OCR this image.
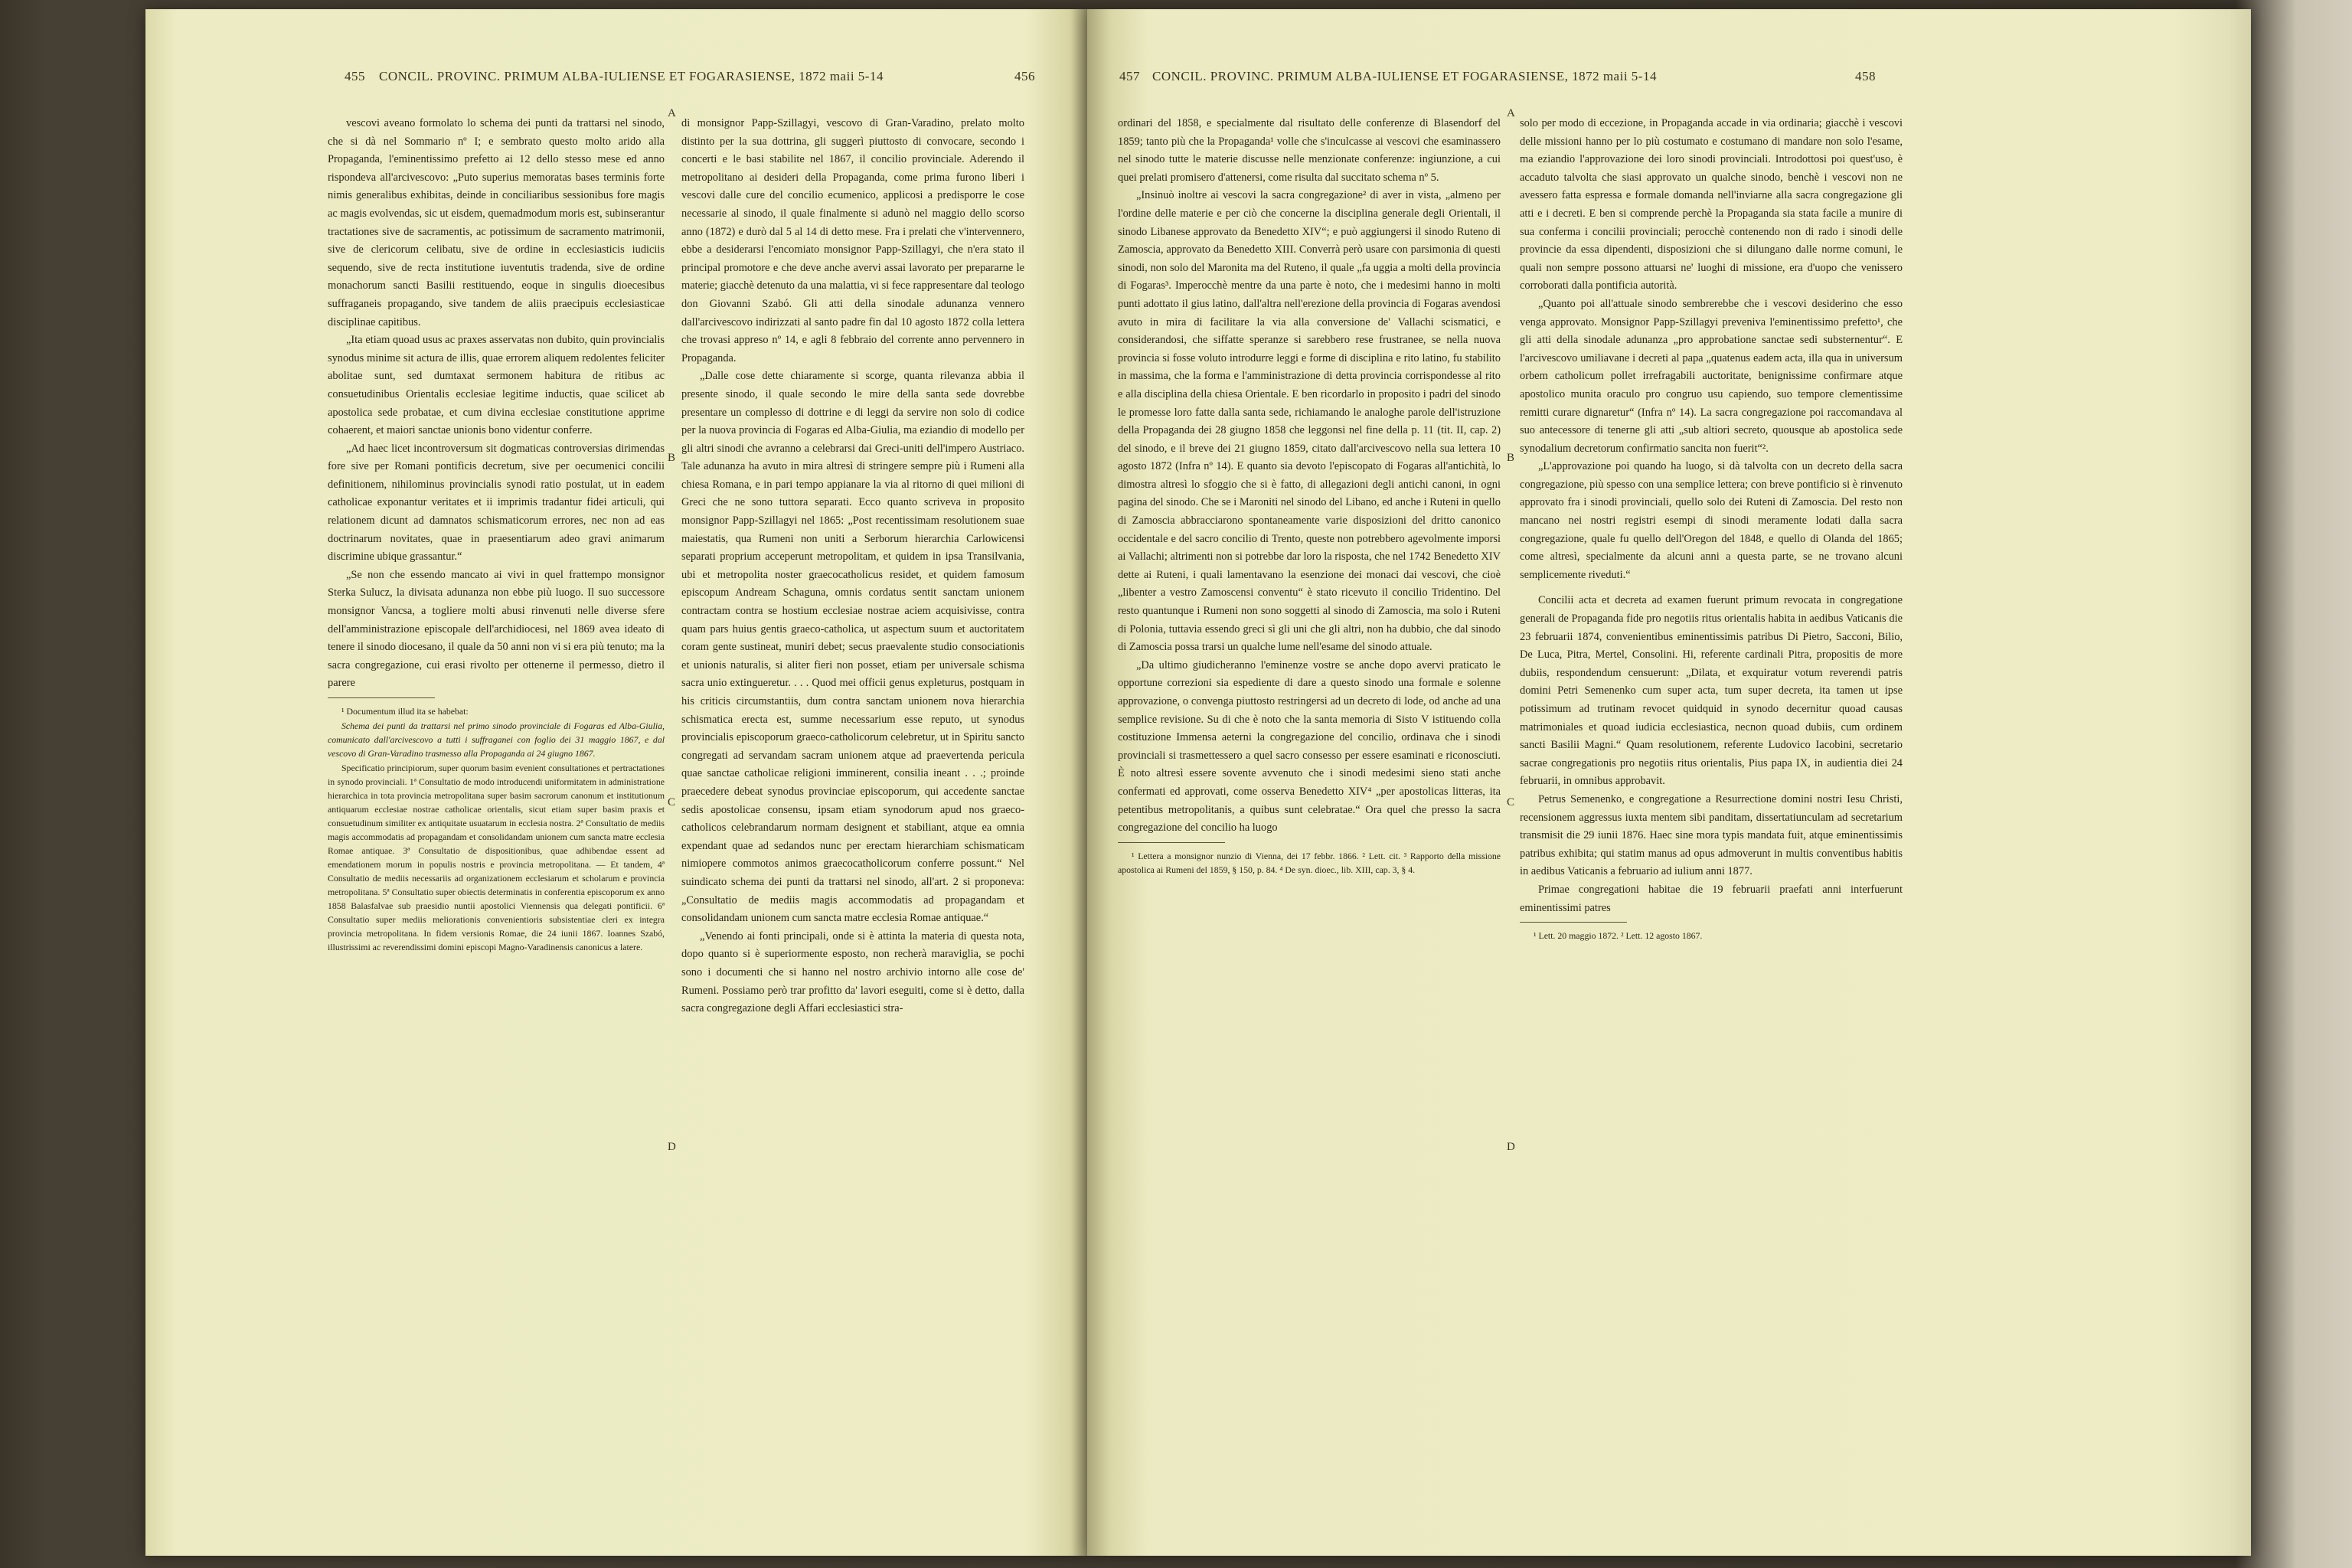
455 CONCIL. PROVINC. PRIMUM ALBA-IULIENSE ET FOGARASIENSE, 1872 maii 5-14	456

vescovi aveano formolato lo schema dei punti da trattarsi nel sinodo, che si dà nel Sommario nº I; e sembrato questo molto arido alla Propaganda, l'eminentissimo prefetto ai 12 dello stesso mese ed anno rispondeva all'arcivescovo: „Puto superius memoratas bases terminis forte nimis generalibus exhibitas, deinde in conciliaribus sessionibus fore magis ac magis evolvendas, sic ut eisdem, quemadmodum moris est, subinserantur tractationes sive de sacramentis, ac potissimum de sacramento matrimonii, sive de clericorum celibatu, sive de ordine in ecclesiasticis iudiciis sequendo, sive de recta institutione iuventutis tradenda, sive de ordine monachorum sancti Basilii restituendo, eoque in singulis dioecesibus suffraganeis propagando, sive tandem de aliis praecipuis ecclesiasticae disciplinae capitibus.

„Ita etiam quoad usus ac praxes asservatas non dubito, quin provincialis synodus minime sit actura de illis, quae errorem aliquem redolentes feliciter abolitae sunt, sed dumtaxat sermonem habitura de ritibus ac consuetudinibus Orientalis ecclesiae legitime inductis, quae scilicet ab apostolica sede probatae, et cum divina ecclesiae constitutione apprime cohaerent, et maiori sanctae unionis bono videntur conferre.

„Ad haec licet incontroversum sit dogmaticas controversias dirimendas fore sive per Romani pontificis decretum, sive per oecumenici concilii definitionem, nihilominus provincialis synodi ratio postulat, ut in eadem catholicae exponantur veritates et ii imprimis tradantur fidei articuli, qui relationem dicunt ad damnatos schismaticorum errores, nec non ad eas doctrinarum novitates, quae in praesentiarum adeo gravi animarum discrimine ubique grassantur.“

„Se non che essendo mancato ai vivi in quel frattempo monsignor Sterka Sulucz, la divisata adunanza non ebbe più luogo. Il suo successore monsignor Vancsa, a togliere molti abusi rinvenuti nelle diverse sfere dell'amministrazione episcopale dell'archidiocesi, nel 1869 avea ideato di tenere il sinodo diocesano, il quale da 50 anni non vi si era più tenuto; ma la sacra congregazione, cui erasi rivolto per ottenerne il permesso, dietro il parere

¹ Documentum illud ita se habebat:

Schema dei punti da trattarsi nel primo sinodo provinciale di Fogaras ed Alba-Giulia, comunicato dall'arcivescovo a tutti i suffraganei con foglio dei 31 maggio 1867, e dal vescovo di Gran-Varadino trasmesso alla Propaganda ai 24 giugno 1867.

Specificatio principiorum, super quorum basim evenient consultationes et pertractationes in synodo provinciali. 1ª Consultatio de modo introducendi uniformitatem in administratione hierarchica in tota provincia metropolitana super basim sacrorum canonum et institutionum antiquarum ecclesiae nostrae catholicae orientalis, sicut etiam super basim praxis et consuetudinum similiter ex antiquitate usuatarum in ecclesia nostra. 2ª Consultatio de mediis magis accommodatis ad propagandam et consolidandam unionem cum sancta matre ecclesia Romae antiquae. 3ª Consultatio de dispositionibus, quae adhibendae essent ad emendationem morum in populis nostris e provincia metropolitana. — Et tandem, 4ª Consultatio de mediis necessariis ad organizationem ecclesiarum et scholarum e provincia metropolitana. 5ª Consultatio super obiectis determinatis in conferentia episcoporum ex anno 1858 Balasfalvae sub praesidio nuntii apostolici Viennensis qua delegati pontificii. 6ª Consultatio super mediis meliorationis convenientioris subsistentiae cleri ex integra provincia metropolitana. In fidem versionis Romae, die 24 iunii 1867. Ioannes Szabó, illustrissimi ac reverendissimi domini episcopi Magno-Varadinensis canonicus a latere.

di monsignor Papp-Szillagyi, vescovo di Gran-Varadino, prelato molto distinto per la sua dottrina, gli suggerì piuttosto di convocare, secondo i concerti e le basi stabilite nel 1867, il concilio provinciale. Aderendo il metropolitano ai desideri della Propaganda, come prima furono liberi i vescovi dalle cure del concilio ecumenico, applicosi a predisporre le cose necessarie al sinodo, il quale finalmente si adunò nel maggio dello scorso anno (1872) e durò dal 5 al 14 di detto mese. Fra i prelati che v'intervennero, ebbe a desiderarsi l'encomiato monsignor Papp-Szillagyi, che n'era stato il principal promotore e che deve anche avervi assai lavorato per prepararne le materie; giacchè detenuto da una malattia, vi si fece rappresentare dal teologo don Giovanni Szabó. Gli atti della sinodale adunanza vennero dall'arcivescovo indirizzati al santo padre fin dal 10 agosto 1872 colla lettera che trovasi appreso nº 14, e agli 8 febbraio del corrente anno pervennero in Propaganda.

„Dalle cose dette chiaramente si scorge, quanta rilevanza abbia il presente sinodo, il quale secondo le mire della santa sede dovrebbe presentare un complesso di dottrine e di leggi da servire non solo di codice per la nuova provincia di Fogaras ed Alba-Giulia, ma eziandio di modello per gli altri sinodi che avranno a celebrarsi dai Greci-uniti dell'impero Austriaco. Tale adunanza ha avuto in mira altresì di stringere sempre più i Rumeni alla chiesa Romana, e in pari tempo appianare la via al ritorno di quei milioni di Greci che ne sono tuttora separati. Ecco quanto scriveva in proposito monsignor Papp-Szillagyi nel 1865: „Post recentissimam resolutionem suae maiestatis, qua Rumeni non uniti a Serborum hierarchia Carlowicensi separati proprium acceperunt metropolitam, et quidem in ipsa Transilvania, ubi et metropolita noster graecocatholicus residet, et quidem famosum episcopum Andream Schaguna, omnis cordatus sentit sanctam unionem contractam contra se hostium ecclesiae nostrae aciem acquisivisse, contra quam pars huius gentis graeco-catholica, ut aspectum suum et auctoritatem coram gente sustineat, muniri debet; secus praevalente studio consociationis et unionis naturalis, si aliter fieri non posset, etiam per universale schisma sacra unio extingueretur. . . . Quod mei officii genus expleturus, postquam in his criticis circumstantiis, dum contra sanctam unionem nova hierarchia schismatica erecta est, summe necessarium esse reputo, ut synodus provincialis episcoporum graeco-catholicorum celebretur, ut in Spiritu sancto congregati ad servandam sacram unionem atque ad praevertenda pericula quae sanctae catholicae religioni imminerent, consilia ineant . . .; proinde praecedere debeat synodus provinciae episcoporum, qui accedente sanctae sedis apostolicae consensu, ipsam etiam synodorum apud nos graeco-catholicos celebrandarum normam designent et stabiliant, atque ea omnia expendant quae ad sedandos nunc per erectam hierarchiam schismaticam nimiopere commotos animos graecocatholicorum conferre possunt.“ Nel suindicato schema dei punti da trattarsi nel sinodo, all'art. 2 si proponeva: „Consultatio de mediis magis accommodatis ad propagandam et consolidandam unionem cum sancta matre ecclesia Romae antiquae.“

„Venendo ai fonti principali, onde si è attinta la materia di questa nota, dopo quanto si è superiormente esposto, non recherà maraviglia, se pochi sono i documenti che si hanno nel nostro archivio intorno alle cose de' Rumeni. Possiamo però trar profitto da' lavori eseguiti, come si è detto, dalla sacra congregazione degli Affari ecclesiastici stra-

A
B
C
D
457 CONCIL. PROVINC. PRIMUM ALBA-IULIENSE ET FOGARASIENSE, 1872 maii 5-14	458

ordinari del 1858, e specialmente dal risultato delle conferenze di Blasendorf del 1859; tanto più che la Propaganda¹ volle che s'inculcasse ai vescovi che esaminassero nel sinodo tutte le materie discusse nelle menzionate conferenze: ingiunzione, a cui quei prelati promisero d'attenersi, come risulta dal succitato schema nº 5.

„Insinuò inoltre ai vescovi la sacra congregazione² di aver in vista, „almeno per l'ordine delle materie e per ciò che concerne la disciplina generale degli Orientali, il sinodo Libanese approvato da Benedetto XIV“; e può aggiungersi il sinodo Ruteno di Zamoscia, approvato da Benedetto XIII. Converrà però usare con parsimonia di questi sinodi, non solo del Maronita ma del Ruteno, il quale „fa uggia a molti della provincia di Fogaras³. Imperocchè mentre da una parte è noto, che i medesimi hanno in molti punti adottato il gius latino, dall'altra nell'erezione della provincia di Fogaras avendosi avuto in mira di facilitare la via alla conversione de' Vallachi scismatici, e considerandosi, che siffatte speranze si sarebbero rese frustranee, se nella nuova provincia si fosse voluto introdurre leggi e forme di disciplina e rito latino, fu stabilito in massima, che la forma e l'amministrazione di detta provincia corrispondesse al rito e alla disciplina della chiesa Orientale. E ben ricordarlo in proposito i padri del sinodo le promesse loro fatte dalla santa sede, richiamando le analoghe parole dell'istruzione della Propaganda dei 28 giugno 1858 che leggonsi nel fine della p. 11 (tit. II, cap. 2) del sinodo, e il breve dei 21 giugno 1859, citato dall'arcivescovo nella sua lettera 10 agosto 1872 (Infra nº 14). E quanto sia devoto l'episcopato di Fogaras all'antichità, lo dimostra altresì lo sfoggio che si è fatto, di allegazioni degli antichi canoni, in ogni pagina del sinodo. Che se i Maroniti nel sinodo del Libano, ed anche i Ruteni in quello di Zamoscia abbracciarono spontaneamente varie disposizioni del dritto canonico occidentale e del sacro concilio di Trento, queste non potrebbero agevolmente imporsi ai Vallachi; altrimenti non si potrebbe dar loro la risposta, che nel 1742 Benedetto XIV dette ai Ruteni, i quali lamentavano la esenzione dei monaci dai vescovi, che cioè „libenter a vestro Zamoscensi conventu“ è stato ricevuto il concilio Tridentino. Del resto quantunque i Rumeni non sono soggetti al sinodo di Zamoscia, ma solo i Ruteni di Polonia, tuttavia essendo greci sì gli uni che gli altri, non ha dubbio, che dal sinodo di Zamoscia possa trarsi un qualche lume nell'esame del sinodo attuale.

„Da ultimo giudicheranno l'eminenze vostre se anche dopo avervi praticato le opportune correzioni sia espediente di dare a questo sinodo una formale e solenne approvazione, o convenga piuttosto restringersi ad un decreto di lode, od anche ad una semplice revisione. Su di che è noto che la santa memoria di Sisto V istituendo colla costituzione Immensa aeterni la congregazione del concilio, ordinava che i sinodi provinciali si trasmettessero a quel sacro consesso per essere esaminati e riconosciuti. È noto altresì essere sovente avvenuto che i sinodi medesimi sieno stati anche confermati ed approvati, come osserva Benedetto XIV⁴ „per apostolicas litteras, ita petentibus metropolitanis, a quibus sunt celebratae.“ Ora quel che presso la sacra congregazione del concilio ha luogo

¹ Lettera a monsignor nunzio di Vienna, dei 17 febbr. 1866. ² Lett. cit. ³ Rapporto della missione apostolica ai Rumeni del 1859, § 150, p. 84. ⁴ De syn. dioec., lib. XIII, cap. 3, § 4.

solo per modo di eccezione, in Propaganda accade in via ordinaria; giacchè i vescovi delle missioni hanno per lo più costumato e costumano di mandare non solo l'esame, ma eziandio l'approvazione dei loro sinodi provinciali. Introdottosi poi quest'uso, è accaduto talvolta che siasi approvato un qualche sinodo, benchè i vescovi non ne avessero fatta espressa e formale domanda nell'inviarne alla sacra congregazione gli atti e i decreti. E ben si comprende perchè la Propaganda sia stata facile a munire di sua conferma i concilii provinciali; perocchè contenendo non di rado i sinodi delle provincie da essa dipendenti, disposizioni che si dilungano dalle norme comuni, le quali non sempre possono attuarsi ne' luoghi di missione, era d'uopo che venissero corroborati dalla pontificia autorità.

„Quanto poi all'attuale sinodo sembrerebbe che i vescovi desiderino che esso venga approvato. Monsignor Papp-Szillagyi preveniva l'eminentissimo prefetto¹, che gli atti della sinodale adunanza „pro approbatione sanctae sedi substernentur“. E l'arcivescovo umiliavane i decreti al papa „quatenus eadem acta, illa qua in universum orbem catholicum pollet irrefragabili auctoritate, benignissime confirmare atque apostolico munita oraculo pro congruo usu capiendo, suo tempore clementissime remitti curare dignaretur“ (Infra nº 14). La sacra congregazione poi raccomandava al suo antecessore di tenerne gli atti „sub altiori secreto, quousque ab apostolica sede synodalium decretorum confirmatio sancita non fuerit“².

„L'approvazione poi quando ha luogo, si dà talvolta con un decreto della sacra congregazione, più spesso con una semplice lettera; con breve pontificio si è rinvenuto approvato fra i sinodi provinciali, quello solo dei Ruteni di Zamoscia. Del resto non mancano nei nostri registri esempi di sinodi meramente lodati dalla sacra congregazione, quale fu quello dell'Oregon del 1848, e quello di Olanda del 1865; come altresì, specialmente da alcuni anni a questa parte, se ne trovano alcuni semplicemente riveduti.“

Concilii acta et decreta ad examen fuerunt primum revocata in congregatione generali de Propaganda fide pro negotiis ritus orientalis habita in aedibus Vaticanis die 23 februarii 1874, convenientibus eminentissimis patribus Di Pietro, Sacconi, Bilio, De Luca, Pitra, Mertel, Consolini. Hi, referente cardinali Pitra, propositis de more dubiis, respondendum censuerunt: „Dilata, et exquiratur votum reverendi patris domini Petri Semenenko cum super acta, tum super decreta, ita tamen ut ipse potissimum ad trutinam revocet quidquid in synodo decernitur quoad causas matrimoniales et quoad iudicia ecclesiastica, necnon quoad dubiis, cum ordinem sancti Basilii Magni.“ Quam resolutionem, referente Ludovico Iacobini, secretario sacrae congregationis pro negotiis ritus orientalis, Pius papa IX, in audientia diei 24 februarii, in omnibus approbavit.

Petrus Semenenko, e congregatione a Resurrectione domini nostri Iesu Christi, recensionem aggressus iuxta mentem sibi panditam, dissertatiunculam ad secretarium transmisit die 29 iunii 1876. Haec sine mora typis mandata fuit, atque eminentissimis patribus exhibita; qui statim manus ad opus admoverunt in multis conventibus habitis in aedibus Vaticanis a februario ad iulium anni 1877.

Primae congregationi habitae die 19 februarii praefati anni interfuerunt eminentissimi patres

¹ Lett. 20 maggio 1872. ² Lett. 12 agosto 1867.

A
B
C
D
